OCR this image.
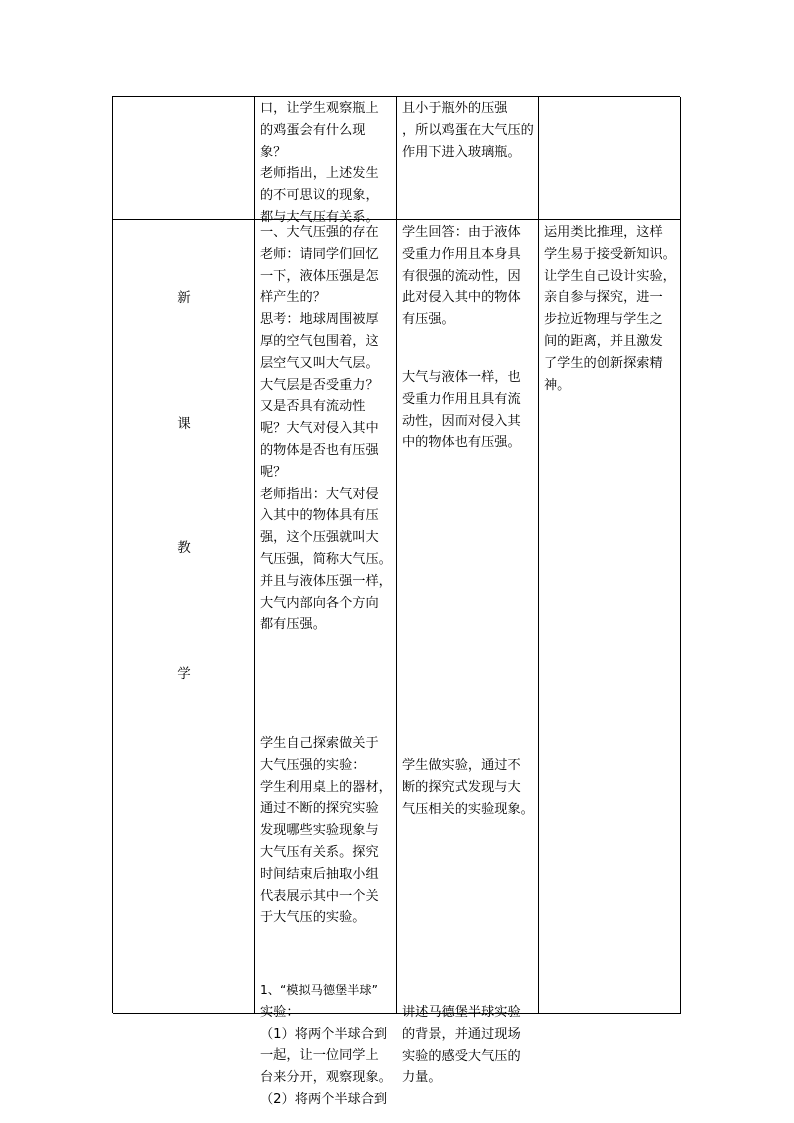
口，让学生观察瓶上

的鸡蛋会有什么现

象？

老师指出，上述发生

的不可思议的现象，

都与大气压有关系。

且小于瓶外的压强

，所以鸡蛋在大气压的

作用下进入玻璃瓶。

新
课
教
学

一、大气压强的存在

老师：请同学们回忆

一下，液体压强是怎

样产生的？

思考：地球周围被厚

厚的空气包围着，这

层空气又叫大气层。

大气层是否受重力？

又是否具有流动性

呢？大气对侵入其中

的物体是否也有压强

呢？

老师指出：大气对侵

入其中的物体具有压

强，这个压强就叫大

气压强，简称大气压。

并且与液体压强一样，

大气内部向各个方向

都有压强。

学生自己探索做关于

大气压强的实验：

学生利用桌上的器材，

通过不断的探究实验

发现哪些实验现象与

大气压有关系。探究

时间结束后抽取小组

代表展示其中一个关

于大气压的实验。

1、“模拟马德堡半球”

实验：

（1）将两个半球合到

一起，让一位同学上

台来分开，观察现象。

（2）将两个半球合到

学生回答：由于液体

受重力作用且本身具

有很强的流动性，因

此对侵入其中的物体

有压强。

大气与液体一样，也

受重力作用且具有流

动性，因而对侵入其

中的物体也有压强。

学生做实验，通过不

断的探究式发现与大

气压相关的实验现象。

讲述马德堡半球实验

的背景，并通过现场

实验的感受大气压的

力量。

运用类比推理，这样

学生易于接受新知识。

让学生自己设计实验，

亲自参与探究，进一

步拉近物理与学生之

间的距离，并且激发

了学生的创新探索精

神。
